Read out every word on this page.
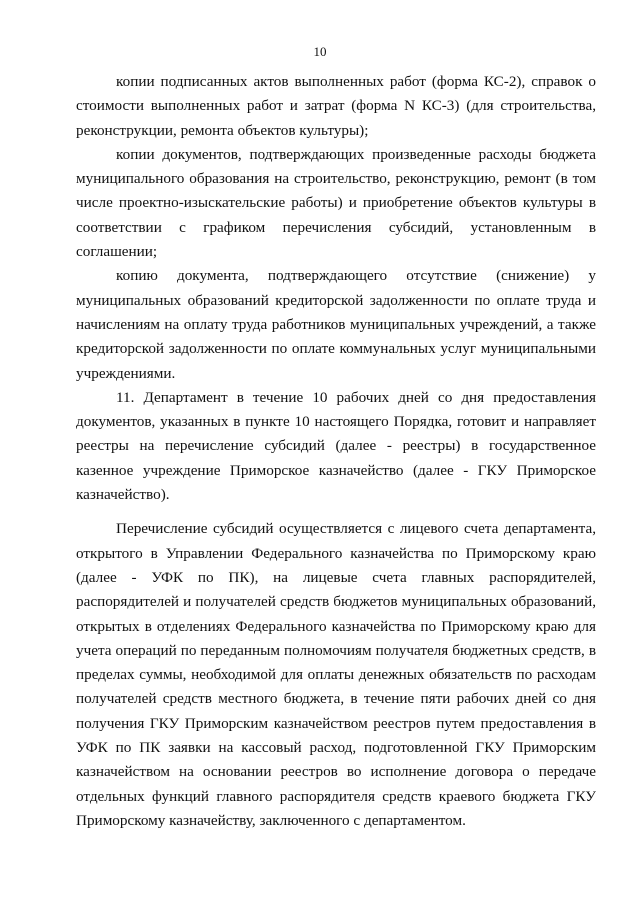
10

копии подписанных актов выполненных работ (форма КС-2), справок о стоимости выполненных работ и затрат (форма N КС-3) (для строительства, реконструкции, ремонта объектов культуры);

копии документов, подтверждающих произведенные расходы бюджета муниципального образования на строительство, реконструкцию, ремонт (в том числе проектно-изыскательские работы) и приобретение объектов культуры в соответствии с графиком перечисления субсидий, установленным в соглашении;

копию документа, подтверждающего отсутствие (снижение) у муниципальных образований кредиторской задолженности по оплате труда и начислениям на оплату труда работников муниципальных учреждений, а также кредиторской задолженности по оплате коммунальных услуг муниципальными учреждениями.

11. Департамент в течение 10 рабочих дней со дня предоставления документов, указанных в пункте 10 настоящего Порядка, готовит и направляет реестры на перечисление субсидий (далее - реестры) в государственное казенное учреждение Приморское казначейство (далее - ГКУ Приморское казначейство).

Перечисление субсидий осуществляется с лицевого счета департамента, открытого в Управлении Федерального казначейства по Приморскому краю (далее - УФК по ПК), на лицевые счета главных распорядителей, распорядителей и получателей средств бюджетов муниципальных образований, открытых в отделениях Федерального казначейства по Приморскому краю для учета операций по переданным полномочиям получателя бюджетных средств, в пределах суммы, необходимой для оплаты денежных обязательств по расходам получателей средств местного бюджета, в течение пяти рабочих дней со дня получения ГКУ Приморским казначейством реестров путем предоставления в УФК по ПК заявки на кассовый расход, подготовленной ГКУ Приморским казначейством на основании реестров во исполнение договора о передаче отдельных функций главного распорядителя средств краевого бюджета ГКУ Приморскому казначейству, заключенного с департаментом.
